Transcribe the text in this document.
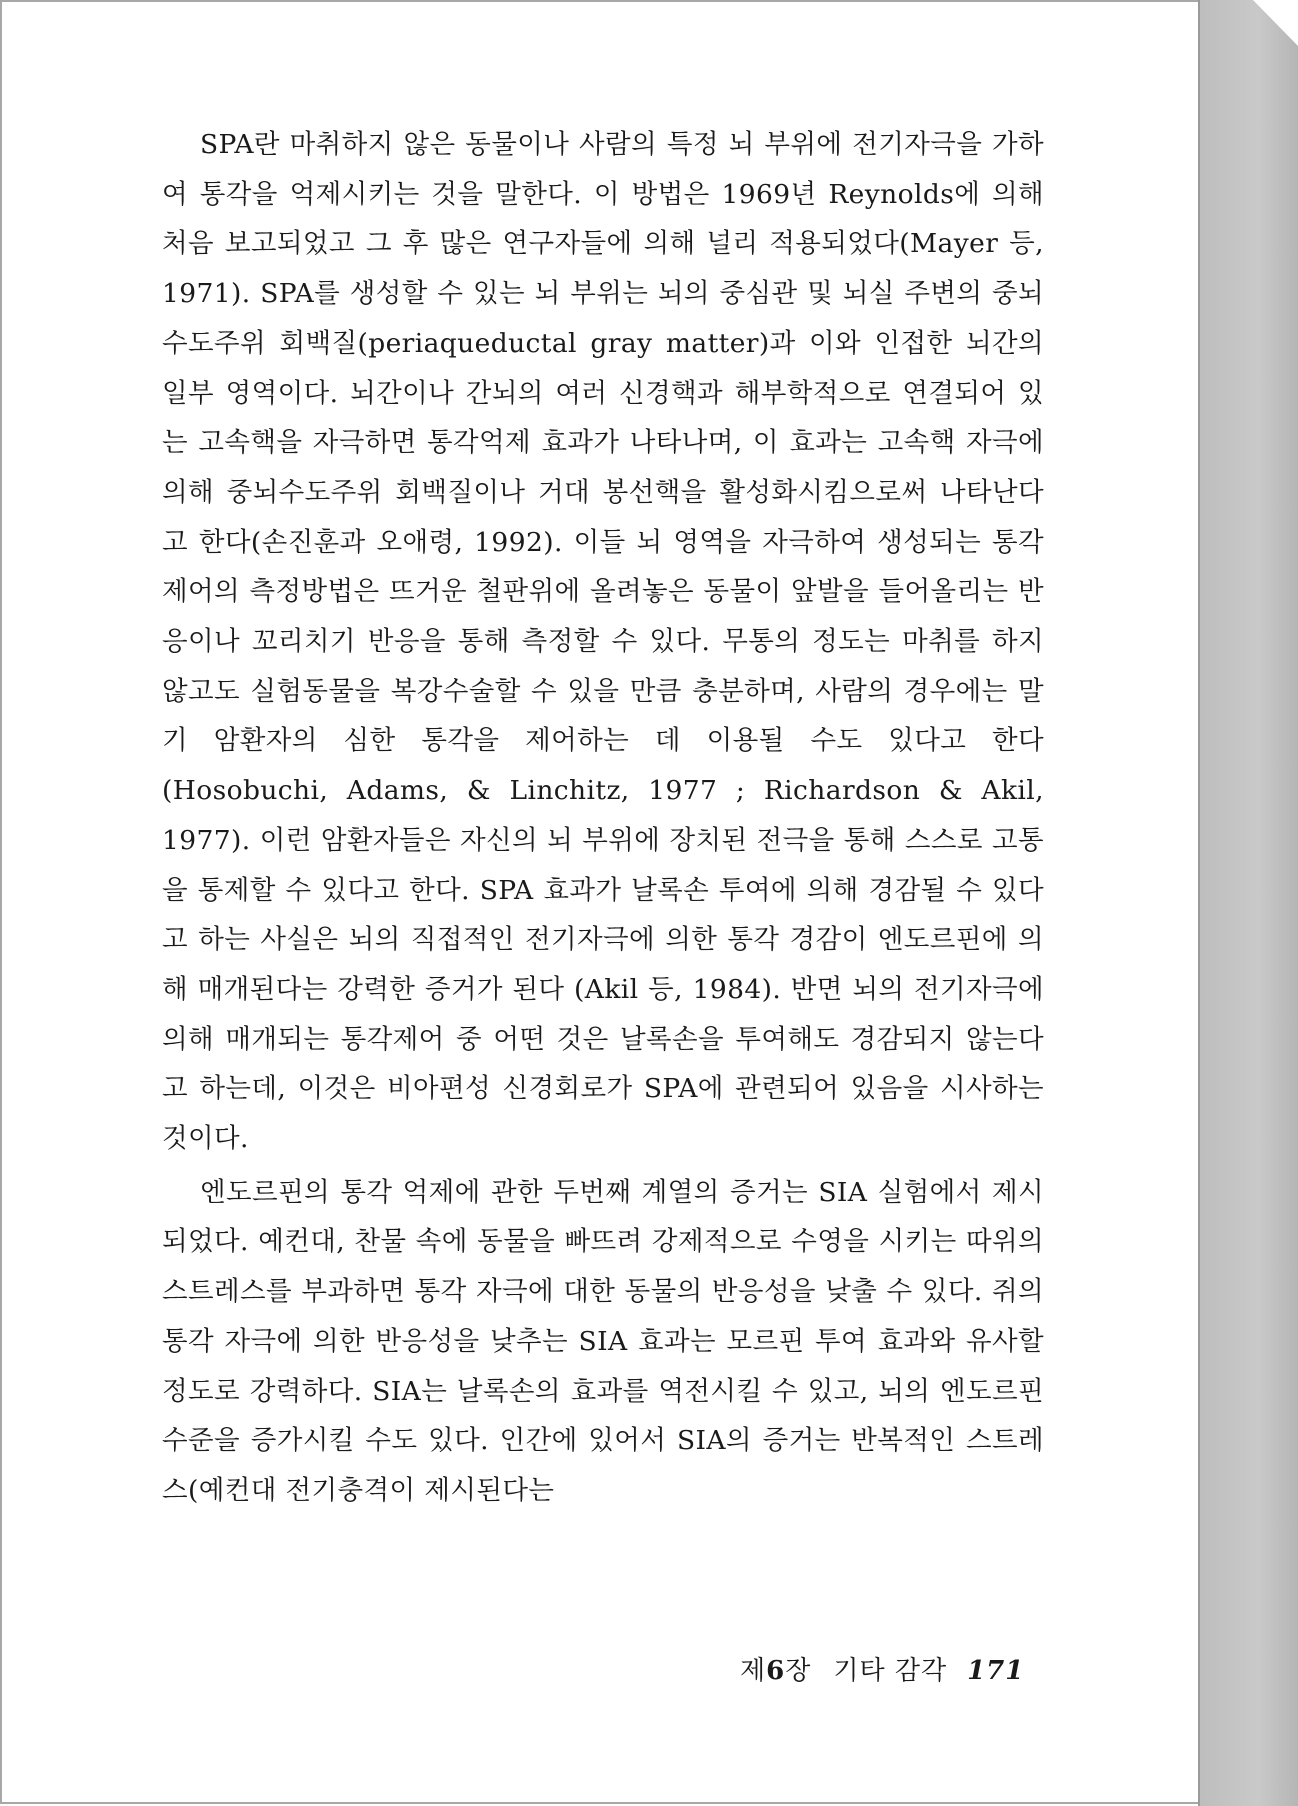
SPA란 마취하지 않은 동물이나 사람의 특정 뇌 부위에 전기자극을 가하여 통각을 억제시키는 것을 말한다. 이 방법은 1969년 Reynolds에 의해 처음 보고되었고 그 후 많은 연구자들에 의해 널리 적용되었다(Mayer 등, 1971). SPA를 생성할 수 있는 뇌 부위는 뇌의 중심관 및 뇌실 주변의 중뇌수도주위 회백질(periaqueductal gray matter)과 이와 인접한 뇌간의 일부 영역이다. 뇌간이나 간뇌의 여러 신경핵과 해부학적으로 연결되어 있는 고속핵을 자극하면 통각억제 효과가 나타나며, 이 효과는 고속핵 자극에 의해 중뇌수도주위 회백질이나 거대 봉선핵을 활성화시킴으로써 나타난다고 한다(손진훈과 오애령, 1992). 이들 뇌 영역을 자극하여 생성되는 통각제어의 측정방법은 뜨거운 철판위에 올려놓은 동물이 앞발을 들어올리는 반응이나 꼬리치기 반응을 통해 측정할 수 있다. 무통의 정도는 마취를 하지 않고도 실험동물을 복강수술할 수 있을 만큼 충분하며, 사람의 경우에는 말기 암환자의 심한 통각을 제어하는 데 이용될 수도 있다고 한다(Hosobuchi, Adams, & Linchitz, 1977 ; Richardson & Akil, 1977). 이런 암환자들은 자신의 뇌 부위에 장치된 전극을 통해 스스로 고통을 통제할 수 있다고 한다. SPA 효과가 날록손 투여에 의해 경감될 수 있다고 하는 사실은 뇌의 직접적인 전기자극에 의한 통각 경감이 엔도르핀에 의해 매개된다는 강력한 증거가 된다 (Akil 등, 1984). 반면 뇌의 전기자극에 의해 매개되는 통각제어 중 어떤 것은 날록손을 투여해도 경감되지 않는다고 하는데, 이것은 비아편성 신경회로가 SPA에 관련되어 있음을 시사하는 것이다.

엔도르핀의 통각 억제에 관한 두번째 계열의 증거는 SIA 실험에서 제시되었다. 예컨대, 찬물 속에 동물을 빠뜨려 강제적으로 수영을 시키는 따위의 스트레스를 부과하면 통각 자극에 대한 동물의 반응성을 낮출 수 있다. 쥐의 통각 자극에 의한 반응성을 낮추는 SIA 효과는 모르핀 투여 효과와 유사할 정도로 강력하다. SIA는 날록손의 효과를 역전시킬 수 있고, 뇌의 엔도르핀 수준을 증가시킬 수도 있다. 인간에 있어서 SIA의 증거는 반복적인 스트레스(예컨대 전기충격이 제시된다는

제6장 기타 감각 171
